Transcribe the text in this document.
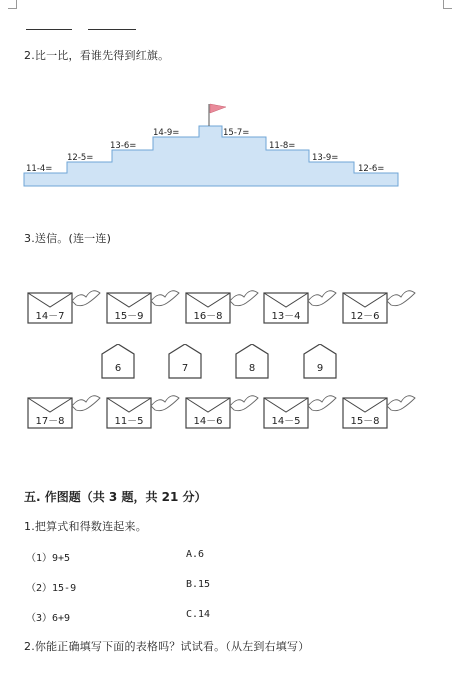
2.比一比，看谁先得到红旗。
11-4=
12-5=
13-6=
14-9=	15-7=
11-8=
13-9=
12-6=
3.送信。(连一连)
14－7	15－9	16－8	13－4	12－6
6	7	8	9
17－8	11－5	14－6	14－5	15－8
五. 作图题（共 3 题，共 21 分）
1.把算式和得数连起来。
（1）9+5	A.6
（2）15-9	B.15
（3）6+9	C.14
2.你能正确填写下面的表格吗？试试看。（从左到右填写）
